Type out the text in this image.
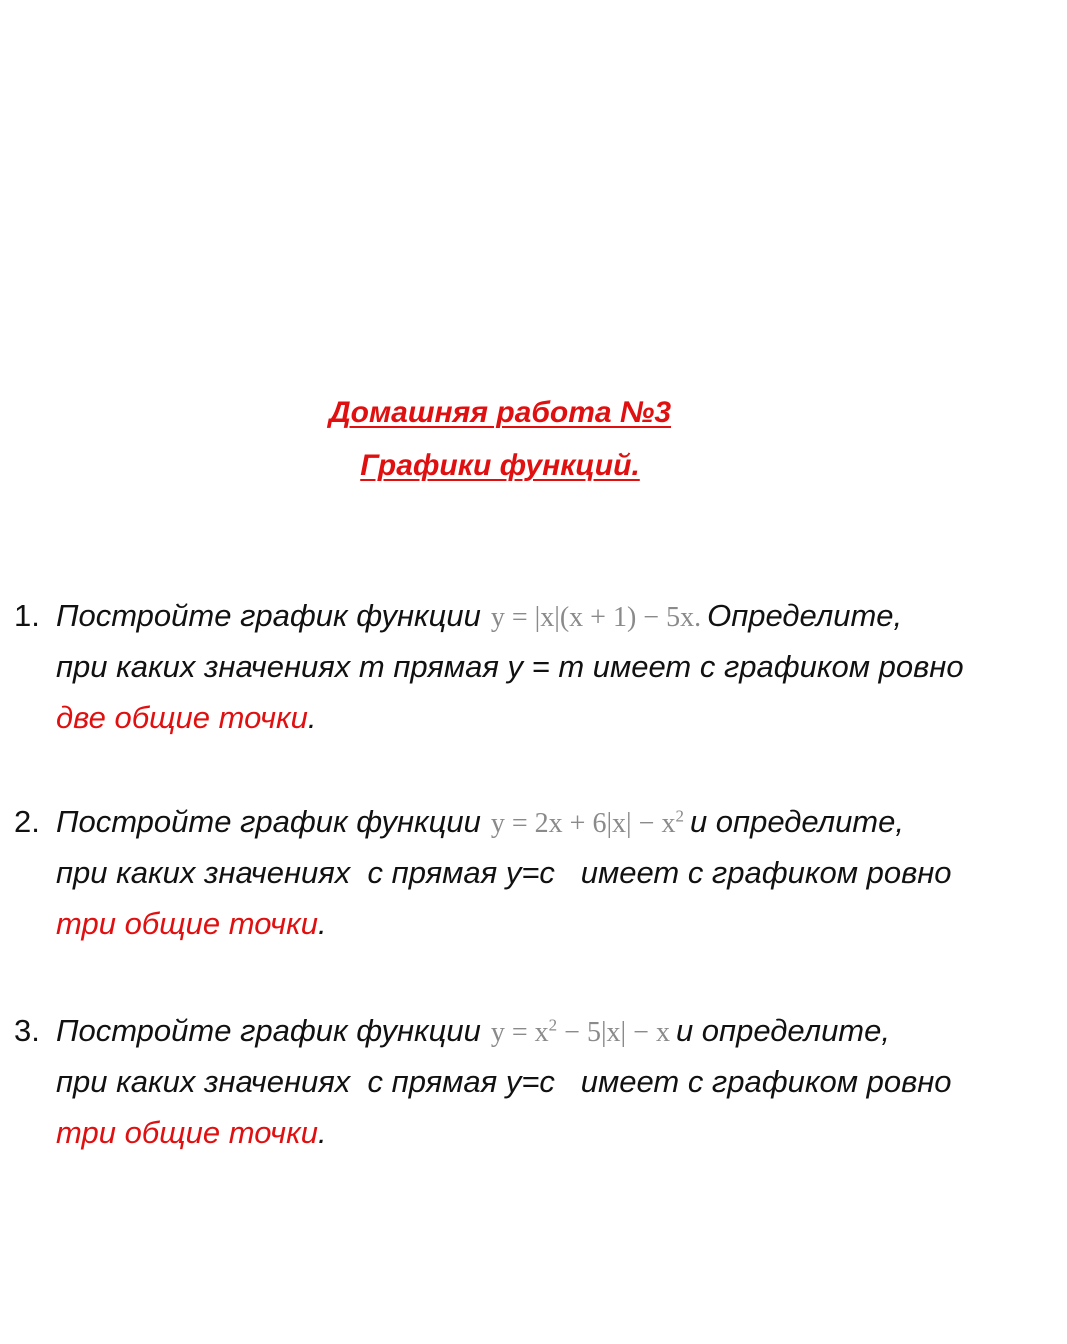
Домашняя работа №3
Графики функций.
1. Постройте график функции y = |x|(x + 1) − 5x. Определите,
при каких значениях m прямая y = m имеет с графиком ровно
две общие точки.
2. Постройте график функции $y = 2x + 6|x| - x^2$ и определите,
при каких значениях  с прямая y=с   имеет с графиком ровно
три общие точки.
3. Постройте график функции $y = x^2 - 5|x| - x$ и определите,
при каких значениях  с прямая y=с   имеет с графиком ровно
три общие точки.
